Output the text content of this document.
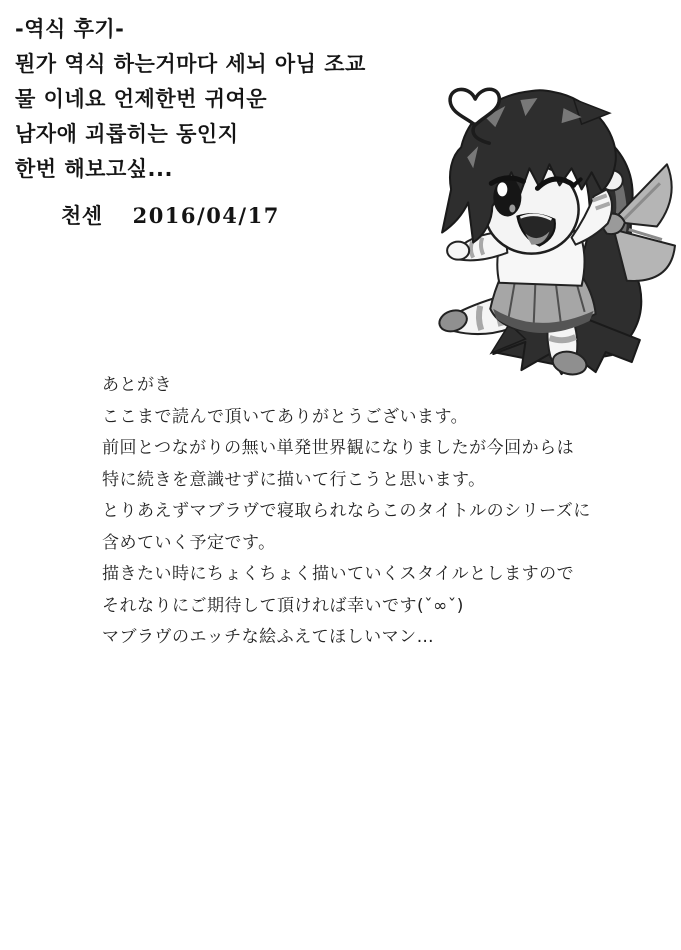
-역식 후기-
뭔가 역식 하는거마다 세뇌 아님 조교
물 이네요 언제한번 귀여운
남자애 괴롭히는 동인지
한번 해보고싶...
천센 2016/04/17
あとがき
ここまで読んで頂いてありがとうございます。
前回とつながりの無い単発世界観になりましたが今回からは
特に続きを意識せずに描いて行こうと思います。
とりあえずマブラヴで寝取られならこのタイトルのシリーズに
含めていく予定です。
描きたい時にちょくちょく描いていくスタイルとしますので
それなりにご期待して頂ければ幸いです(ˇ∞ˇ)
マブラヴのエッチな絵ふえてほしいマン…
